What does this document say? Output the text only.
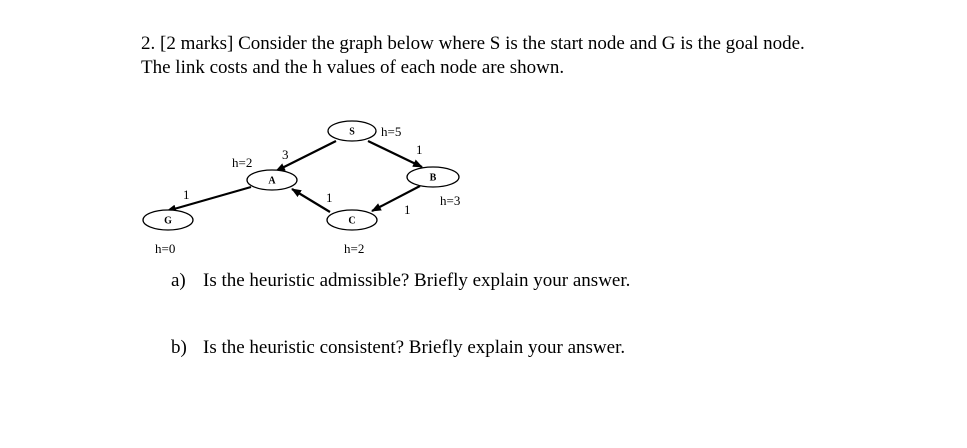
2. [2 marks] Consider the graph below where S is the start node and G is the goal node.
The link costs and the h values of each node are shown.
S
A	B
C
G
h=5
h=2
h=3
h=2
h=0
3	1
1
1
1
a) Is the heuristic admissible? Briefly explain your answer.
b) Is the heuristic consistent? Briefly explain your answer.
